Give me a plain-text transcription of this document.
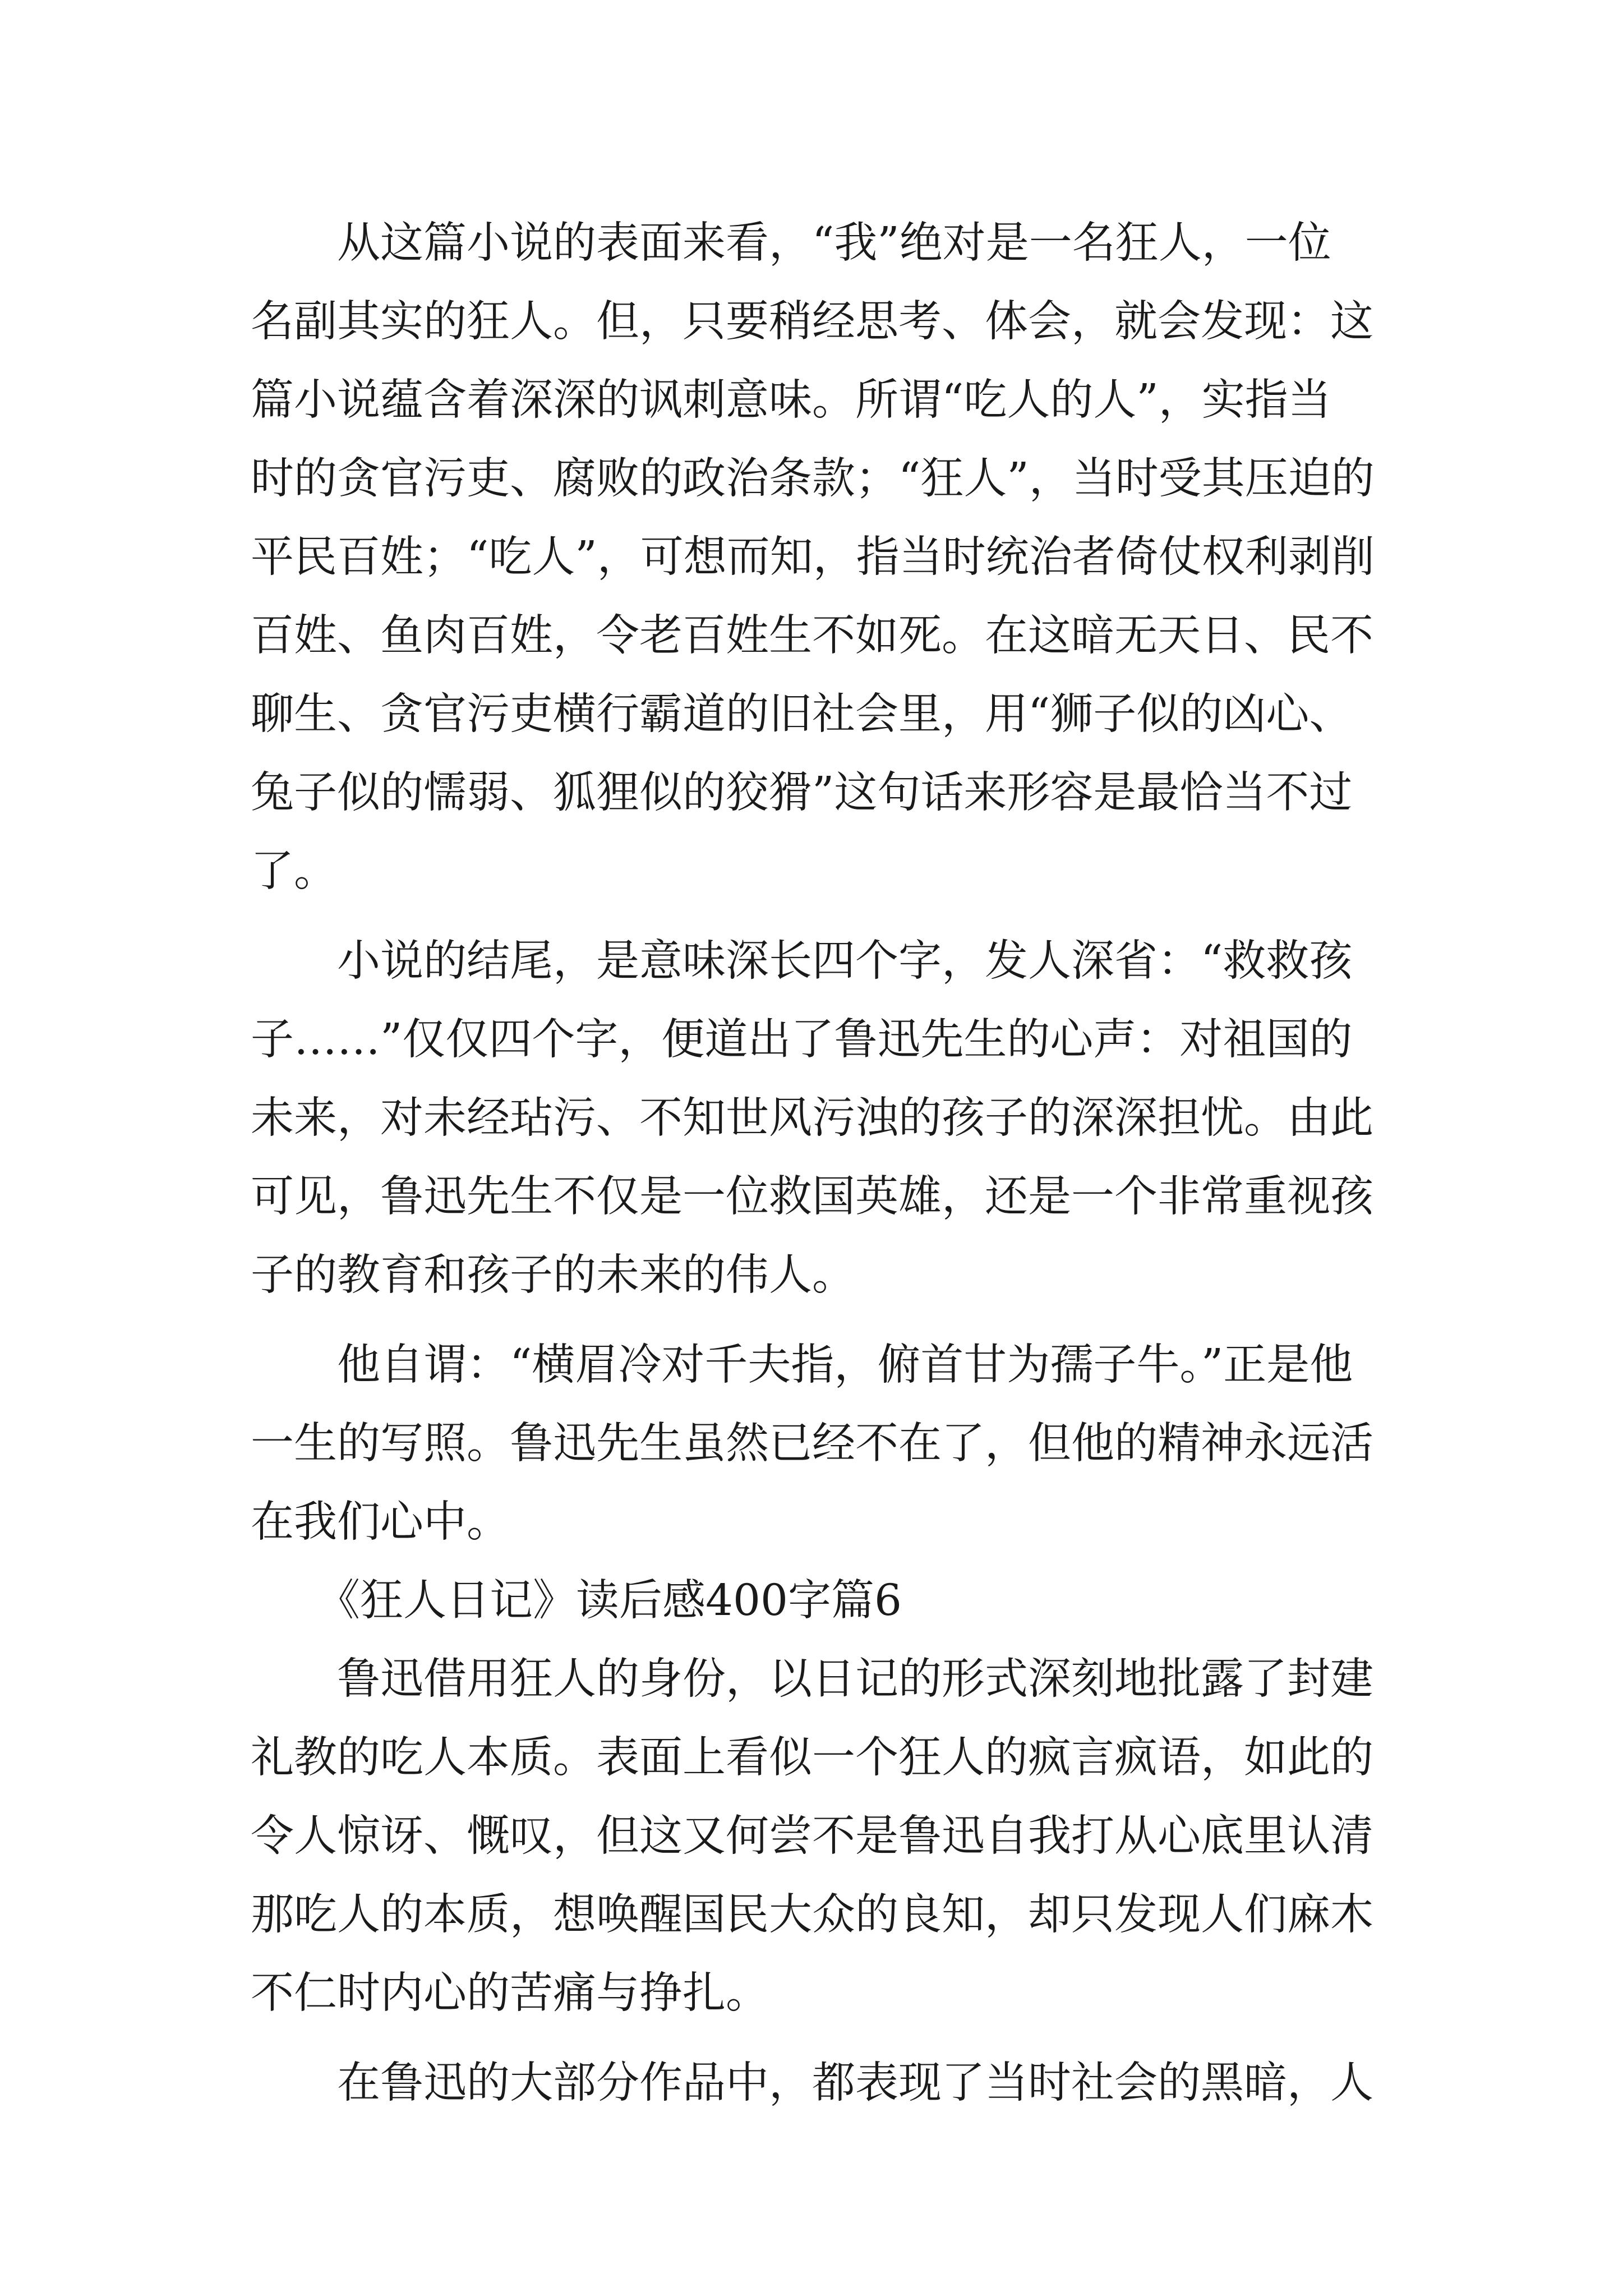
从这篇小说的表面来看，“我”绝对是一名狂人，一位
名副其实的狂人。但，只要稍经思考、体会，就会发现：这
篇小说蕴含着深深的讽刺意味。所谓“吃人的人”，实指当
时的贪官污吏、腐败的政治条款；“狂人”，当时受其压迫的
平民百姓；“吃人”，可想而知，指当时统治者倚仗权利剥削
百姓、鱼肉百姓，令老百姓生不如死。在这暗无天日、民不
聊生、贪官污吏横行霸道的旧社会里，用“狮子似的凶心、
兔子似的懦弱、狐狸似的狡猾”这句话来形容是最恰当不过
了。
小说的结尾，是意味深长四个字，发人深省：“救救孩
子……”仅仅四个字，便道出了鲁迅先生的心声：对祖国的
未来，对未经玷污、不知世风污浊的孩子的深深担忧。由此
可见，鲁迅先生不仅是一位救国英雄，还是一个非常重视孩
子的教育和孩子的未来的伟人。
他自谓：“横眉冷对千夫指，俯首甘为孺子牛。”正是他
一生的写照。鲁迅先生虽然已经不在了，但他的精神永远活
在我们心中。
《狂人日记》读后感400字篇6
鲁迅借用狂人的身份，以日记的形式深刻地批露了封建
礼教的吃人本质。表面上看似一个狂人的疯言疯语，如此的
令人惊讶、慨叹，但这又何尝不是鲁迅自我打从心底里认清
那吃人的本质，想唤醒国民大众的良知，却只发现人们麻木
不仁时内心的苦痛与挣扎。
在鲁迅的大部分作品中，都表现了当时社会的黑暗，人
